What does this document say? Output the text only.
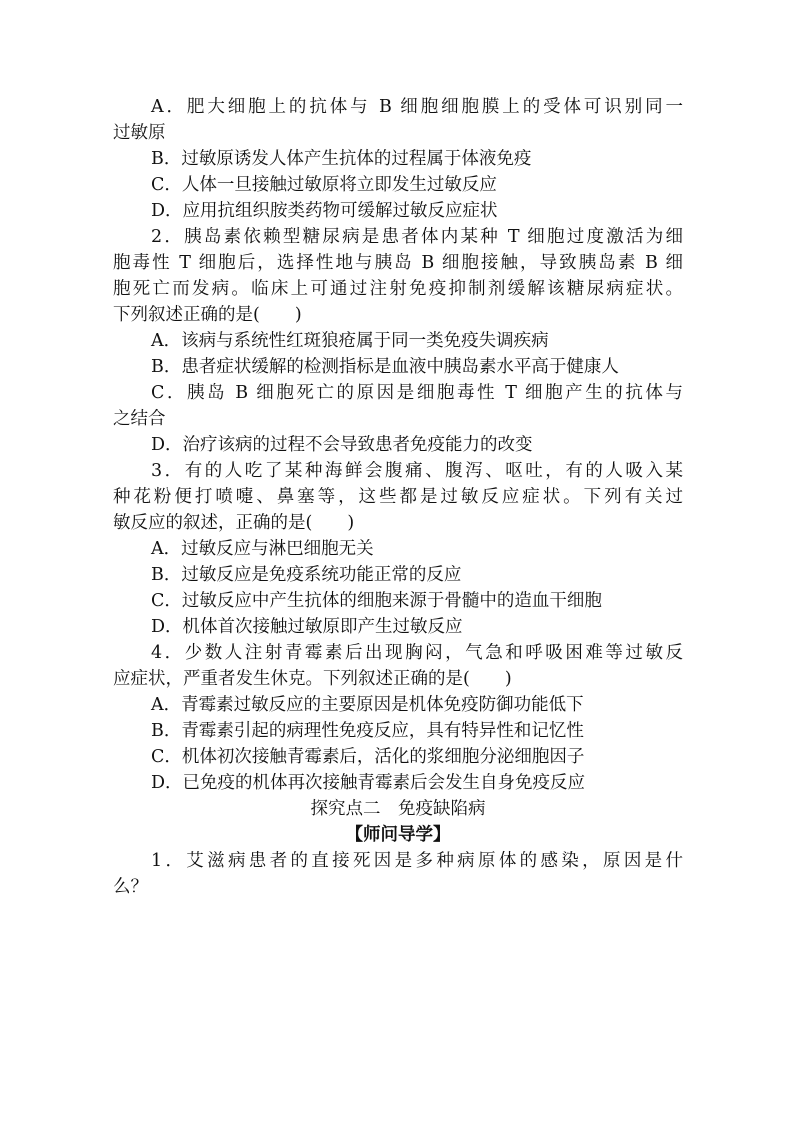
A．肥大细胞上的抗体与 B 细胞细胞膜上的受体可识别同一
过敏原
B．过敏原诱发人体产生抗体的过程属于体液免疫
C．人体一旦接触过敏原将立即发生过敏反应
D．应用抗组织胺类药物可缓解过敏反应症状
2．胰岛素依赖型糖尿病是患者体内某种 T 细胞过度激活为细
胞毒性 T 细胞后，选择性地与胰岛 B 细胞接触，导致胰岛素 B 细
胞死亡而发病。临床上可通过注射免疫抑制剂缓解该糖尿病症状。
下列叙述正确的是(　　)
A．该病与系统性红斑狼疮属于同一类免疫失调疾病
B．患者症状缓解的检测指标是血液中胰岛素水平高于健康人
C．胰岛 B 细胞死亡的原因是细胞毒性 T 细胞产生的抗体与
之结合
D．治疗该病的过程不会导致患者免疫能力的改变
3．有的人吃了某种海鲜会腹痛、腹泻、呕吐，有的人吸入某
种花粉便打喷嚏、鼻塞等，这些都是过敏反应症状。下列有关过
敏反应的叙述，正确的是(　　)
A．过敏反应与淋巴细胞无关
B．过敏反应是免疫系统功能正常的反应
C．过敏反应中产生抗体的细胞来源于骨髓中的造血干细胞
D．机体首次接触过敏原即产生过敏反应
4．少数人注射青霉素后出现胸闷，气急和呼吸困难等过敏反
应症状，严重者发生休克。下列叙述正确的是(　　)
A．青霉素过敏反应的主要原因是机体免疫防御功能低下
B．青霉素引起的病理性免疫反应，具有特异性和记忆性
C．机体初次接触青霉素后，活化的浆细胞分泌细胞因子
D．已免疫的机体再次接触青霉素后会发生自身免疫反应
探究点二　免疫缺陷病
【师问导学】
1．艾滋病患者的直接死因是多种病原体的感染，原因是什
么？
